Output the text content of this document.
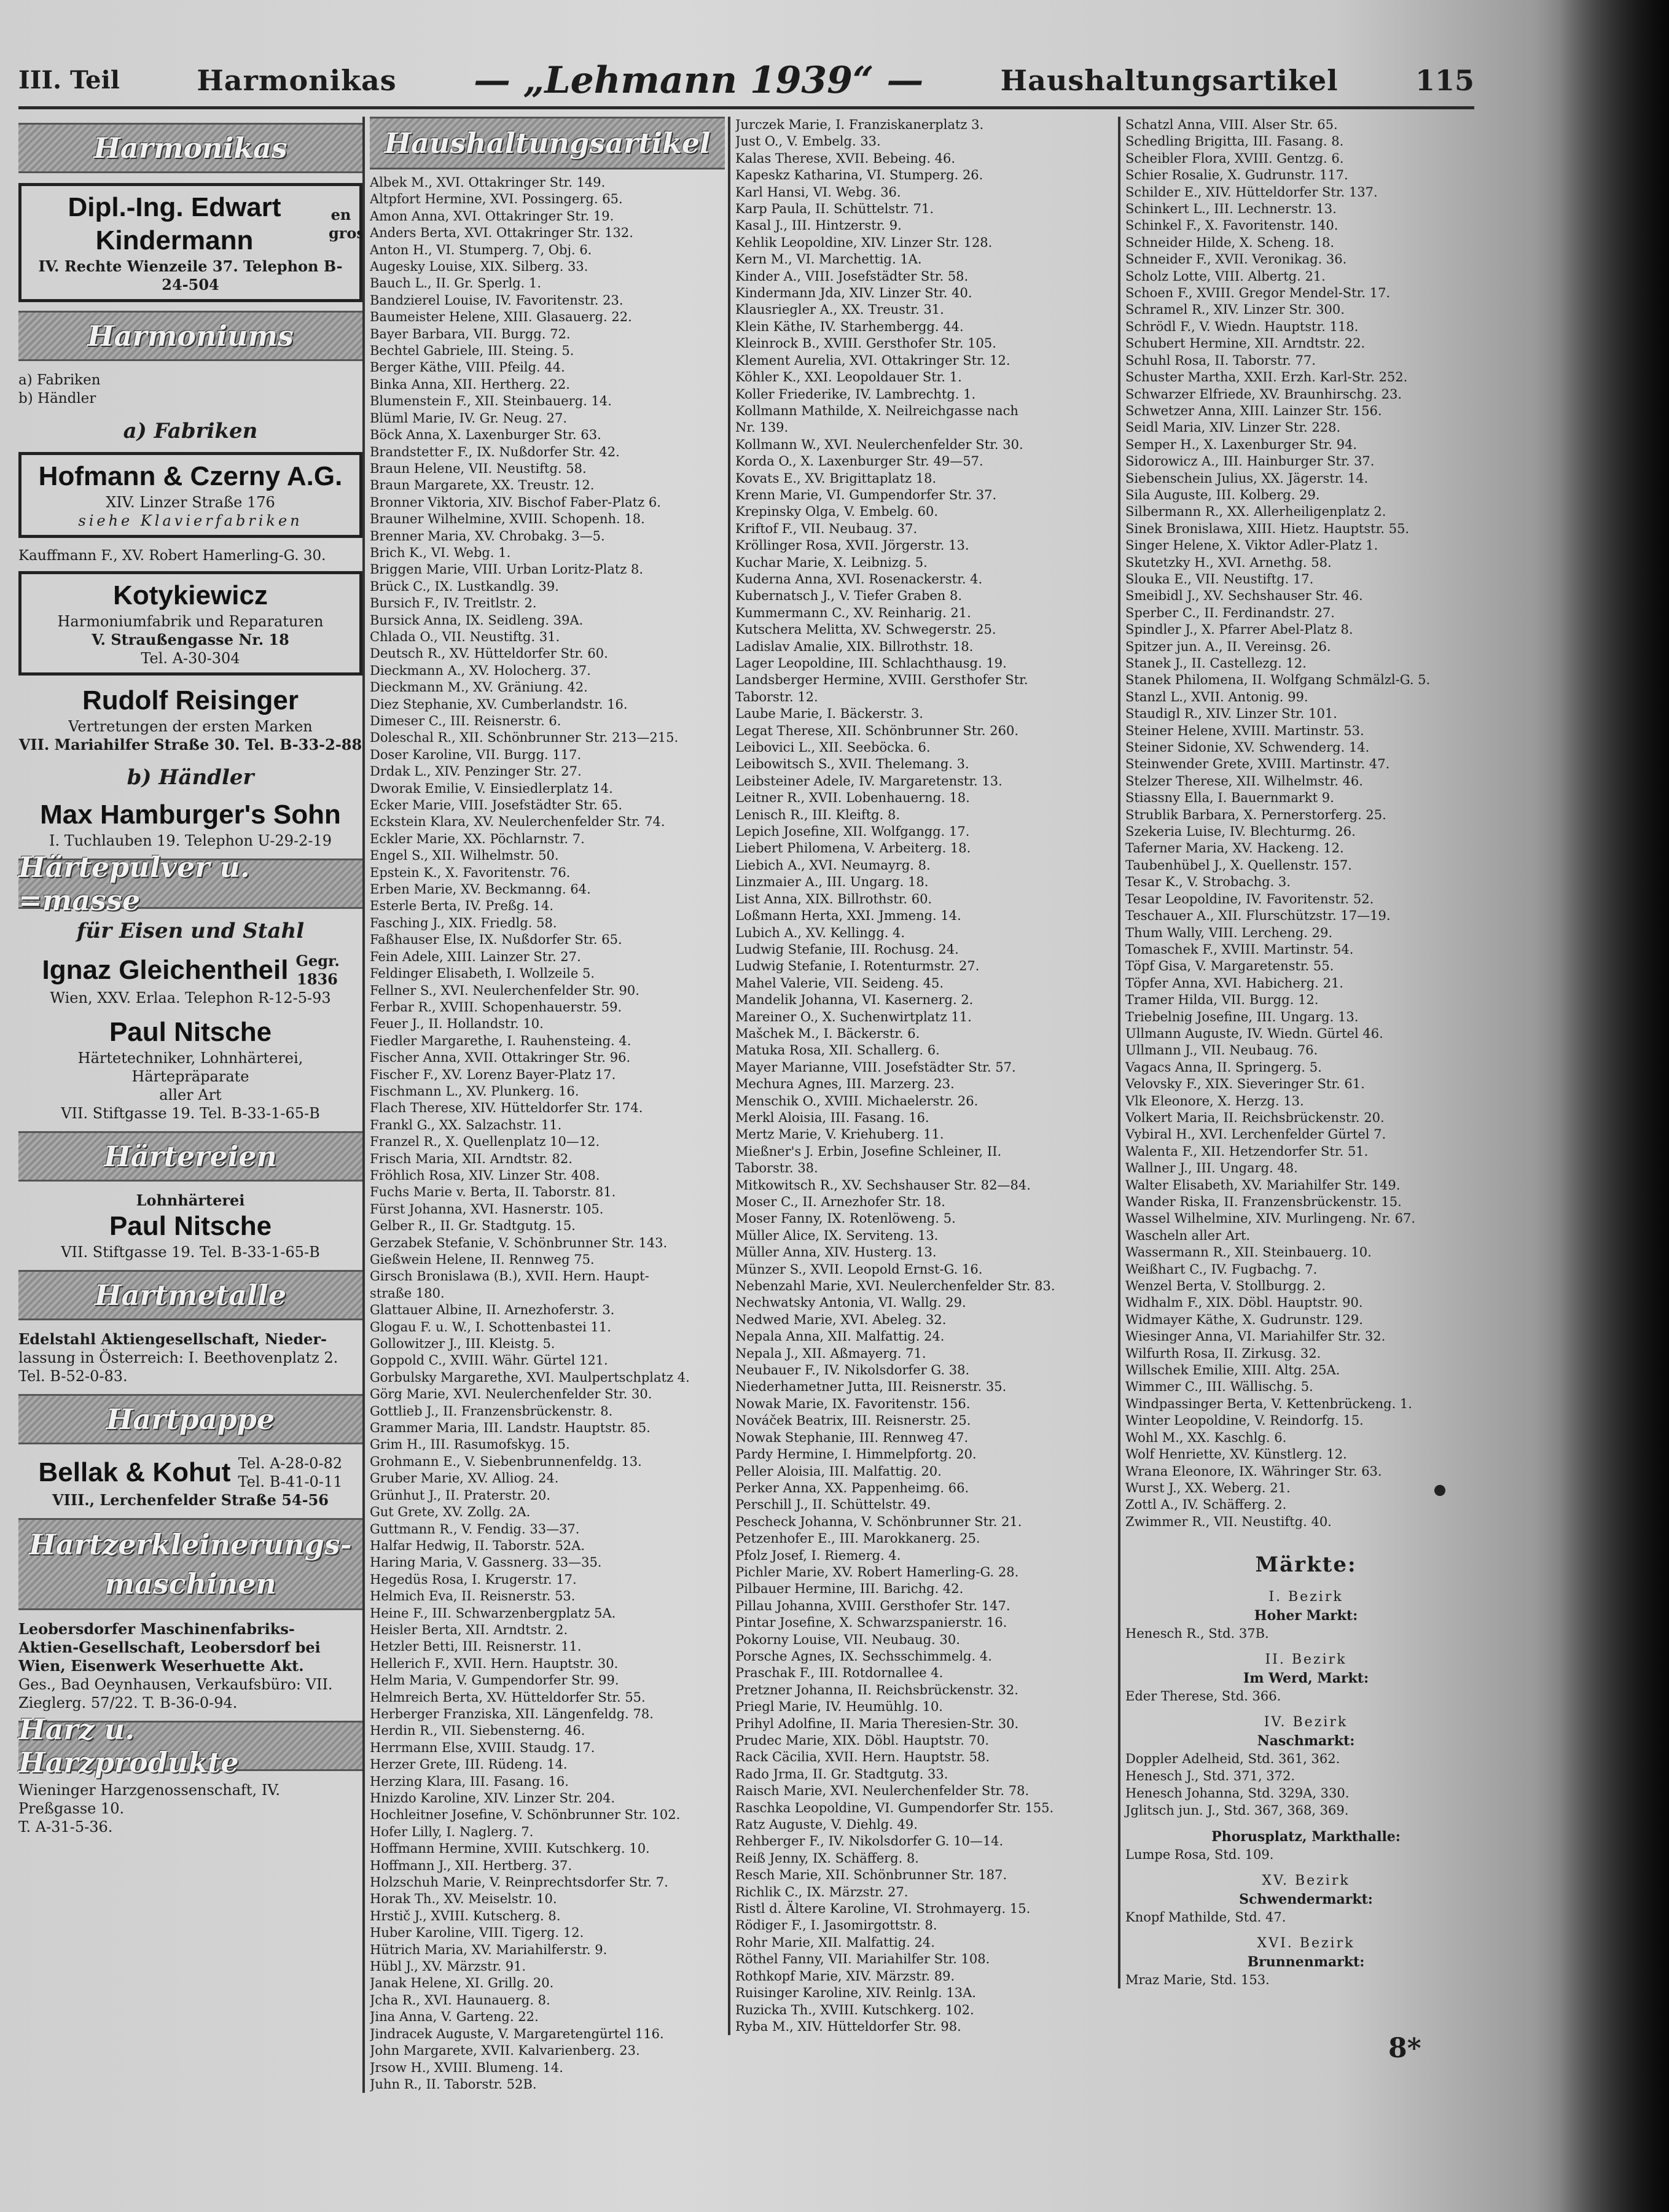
III. Teil	Harmonikas — „Lehmann 1939“ —	Haushaltungsartikel	115
Harmonikas
Dipl.-Ing. Edwart Kindermann
en gros
IV. Rechte Wienzeile 37. Telephon B-24-504
Harmoniums
a) Fabriken
b) Händler
a) Fabriken
Hofmann & Czerny A.G.
XIV. Linzer Straße 176
siehe Klavierfabriken
Kauffmann F., XV. Robert Hamerling-G. 30.
Kotykiewicz
Harmoniumfabrik und Reparaturen
V. Straußengasse Nr. 18
Tel. A-30-304
Rudolf Reisinger
Vertretungen der ersten Marken
VII. Mariahilfer Straße 30. Tel. B-33-2-88
b) Händler
Max Hamburger's Sohn
I. Tuchlauben 19. Telephon U-29-2-19
Härtepulver u. =masse
für Eisen und Stahl
Ignaz Gleichentheil Gegr. 1836
Wien, XXV. Erlaa. Telephon R-12-5-93
Paul Nitsche
Härtetechniker, Lohnhärterei, Härtepräparate
aller Art
VII. Stiftgasse 19. Tel. B-33-1-65-B
Härtereien
Lohnhärterei
Paul Nitsche
VII. Stiftgasse 19. Tel. B-33-1-65-B
Hartmetalle
Edelstahl Aktiengesellschaft, Nieder-
lassung in Österreich: I. Beethovenplatz 2.
Tel. B-52-0-83.
Hartpappe
Bellak & Kohut Tel. A-28-0-82
Tel. B-41-0-11
VIII., Lerchenfelder Straße 54-56
Hartzerkleinerungs-maschinen
Leobersdorfer Maschinenfabriks-
Aktien-Gesellschaft, Leobersdorf bei
Wien, Eisenwerk Weserhuette Akt.
Ges., Bad Oeynhausen, Verkaufsbüro: VII.
Zieglerg. 57/22. T. B-36-0-94.
Harz u. Harzprodukte
Wieninger Harzgenossenschaft, IV. Preßgasse 10.
T. A-31-5-36.
Haushaltungsartikel
Albek M., XVI. Ottakringer Str. 149.
Altpfort Hermine, XVI. Possingerg. 65.
Amon Anna, XVI. Ottakringer Str. 19.
Anders Berta, XVI. Ottakringer Str. 132.
Anton H., VI. Stumperg. 7, Obj. 6.
Augesky Louise, XIX. Silberg. 33.
Bauch L., II. Gr. Sperlg. 1.
Bandzierel Louise, IV. Favoritenstr. 23.
Baumeister Helene, XIII. Glasauerg. 22.
Bayer Barbara, VII. Burgg. 72.
Bechtel Gabriele, III. Steing. 5.
Berger Käthe, VIII. Pfeilg. 44.
Binka Anna, XII. Hertherg. 22.
Blumenstein F., XII. Steinbauerg. 14.
Blüml Marie, IV. Gr. Neug. 27.
Böck Anna, X. Laxenburger Str. 63.
Brandstetter F., IX. Nußdorfer Str. 42.
Braun Helene, VII. Neustiftg. 58.
Braun Margarete, XX. Treustr. 12.
Bronner Viktoria, XIV. Bischof Faber-Platz 6.
Brauner Wilhelmine, XVIII. Schopenh. 18.
Brenner Maria, XV. Chrobakg. 3—5.
Brich K., VI. Webg. 1.
Briggen Marie, VIII. Urban Loritz-Platz 8.
Brück C., IX. Lustkandlg. 39.
Bursich F., IV. Treitlstr. 2.
Bursick Anna, IX. Seidleng. 39A.
Chlada O., VII. Neustiftg. 31.
Deutsch R., XV. Hütteldorfer Str. 60.
Dieckmann A., XV. Holocherg. 37.
Dieckmann M., XV. Gräniung. 42.
Diez Stephanie, XV. Cumberlandstr. 16.
Dimeser C., III. Reisnerstr. 6.
Doleschal R., XII. Schönbrunner Str. 213—215.
Doser Karoline, VII. Burgg. 117.
Drdak L., XIV. Penzinger Str. 27.
Dworak Emilie, V. Einsiedlerplatz 14.
Ecker Marie, VIII. Josefstädter Str. 65.
Eckstein Klara, XV. Neulerchenfelder Str. 74.
Eckler Marie, XX. Pöchlarnstr. 7.
Engel S., XII. Wilhelmstr. 50.
Epstein K., X. Favoritenstr. 76.
Erben Marie, XV. Beckmanng. 64.
Esterle Berta, IV. Preßg. 14.
Fasching J., XIX. Friedlg. 58.
Faßhauser Else, IX. Nußdorfer Str. 65.
Fein Adele, XIII. Lainzer Str. 27.
Feldinger Elisabeth, I. Wollzeile 5.
Fellner S., XVI. Neulerchenfelder Str. 90.
Ferbar R., XVIII. Schopenhauerstr. 59.
Feuer J., II. Hollandstr. 10.
Fiedler Margarethe, I. Rauhensteing. 4.
Fischer Anna, XVII. Ottakringer Str. 96.
Fischer F., XV. Lorenz Bayer-Platz 17.
Fischmann L., XV. Plunkerg. 16.
Flach Therese, XIV. Hütteldorfer Str. 174.
Frankl G., XX. Salzachstr. 11.
Franzel R., X. Quellenplatz 10—12.
Frisch Maria, XII. Arndtstr. 82.
Fröhlich Rosa, XIV. Linzer Str. 408.
Fuchs Marie v. Berta, II. Taborstr. 81.
Fürst Johanna, XVI. Hasnerstr. 105.
Gelber R., II. Gr. Stadtgutg. 15.
Gerzabek Stefanie, V. Schönbrunner Str. 143.
Gießwein Helene, II. Rennweg 75.
Girsch Bronislawa (B.), XVII. Hern. Haupt-
straße 180.
Glattauer Albine, II. Arnezhoferstr. 3.
Glogau F. u. W., I. Schottenbastei 11.
Gollowitzer J., III. Kleistg. 5.
Goppold C., XVIII. Währ. Gürtel 121.
Gorbulsky Margarethe, XVI. Maulpertschplatz 4.
Görg Marie, XVI. Neulerchenfelder Str. 30.
Gottlieb J., II. Franzensbrückenstr. 8.
Grammer Maria, III. Landstr. Hauptstr. 85.
Grim H., III. Rasumofskyg. 15.
Grohmann E., V. Siebenbrunnenfeldg. 13.
Gruber Marie, XV. Alliog. 24.
Grünhut J., II. Praterstr. 20.
Gut Grete, XV. Zollg. 2A.
Guttmann R., V. Fendig. 33—37.
Halfar Hedwig, II. Taborstr. 52A.
Haring Maria, V. Gassnerg. 33—35.
Hegedüs Rosa, I. Krugerstr. 17.
Helmich Eva, II. Reisnerstr. 53.
Heine F., III. Schwarzenbergplatz 5A.
Heisler Berta, XII. Arndtstr. 2.
Hetzler Betti, III. Reisnerstr. 11.
Hellerich F., XVII. Hern. Hauptstr. 30.
Helm Maria, V. Gumpendorfer Str. 99.
Helmreich Berta, XV. Hütteldorfer Str. 55.
Herberger Franziska, XII. Längenfeldg. 78.
Herdin R., VII. Siebensterng. 46.
Herrmann Else, XVIII. Staudg. 17.
Herzer Grete, III. Rüdeng. 14.
Herzing Klara, III. Fasang. 16.
Hnizdo Karoline, XIV. Linzer Str. 204.
Hochleitner Josefine, V. Schönbrunner Str. 102.
Hofer Lilly, I. Naglerg. 7.
Hoffmann Hermine, XVIII. Kutschkerg. 10.
Hoffmann J., XII. Hertberg. 37.
Holzschuh Marie, V. Reinprechtsdorfer Str. 7.
Horak Th., XV. Meiselstr. 10.
Hrstič J., XVIII. Kutscherg. 8.
Huber Karoline, VIII. Tigerg. 12.
Hütrich Maria, XV. Mariahilferstr. 9.
Hübl J., XV. Märzstr. 91.
Janak Helene, XI. Grillg. 20.
Jcha R., XVI. Haunauerg. 8.
Jina Anna, V. Garteng. 22.
Jindracek Auguste, V. Margaretengürtel 116.
John Margarete, XVII. Kalvarienberg. 23.
Jrsow H., XVIII. Blumeng. 14.
Juhn R., II. Taborstr. 52B.
Jurczek Marie, I. Franziskanerplatz 3.
Just O., V. Embelg. 33.
Kalas Therese, XVII. Bebeing. 46.
Kapeskz Katharina, VI. Stumperg. 26.
Karl Hansi, VI. Webg. 36.
Karp Paula, II. Schüttelstr. 71.
Kasal J., III. Hintzerstr. 9.
Kehlik Leopoldine, XIV. Linzer Str. 128.
Kern M., VI. Marchettig. 1A.
Kinder A., VIII. Josefstädter Str. 58.
Kindermann Jda, XIV. Linzer Str. 40.
Klausriegler A., XX. Treustr. 31.
Klein Käthe, IV. Starhembergg. 44.
Kleinrock B., XVIII. Gersthofer Str. 105.
Klement Aurelia, XVI. Ottakringer Str. 12.
Köhler K., XXI. Leopoldauer Str. 1.
Koller Friederike, IV. Lambrechtg. 1.
Kollmann Mathilde, X. Neilreichgasse nach
Nr. 139.
Kollmann W., XVI. Neulerchenfelder Str. 30.
Korda O., X. Laxenburger Str. 49—57.
Kovats E., XV. Brigittaplatz 18.
Krenn Marie, VI. Gumpendorfer Str. 37.
Krepinsky Olga, V. Embelg. 60.
Kriftof F., VII. Neubaug. 37.
Kröllinger Rosa, XVII. Jörgerstr. 13.
Kuchar Marie, X. Leibnizg. 5.
Kuderna Anna, XVI. Rosenackerstr. 4.
Kubernatsch J., V. Tiefer Graben 8.
Kummermann C., XV. Reinharig. 21.
Kutschera Melitta, XV. Schwegerstr. 25.
Ladislav Amalie, XIX. Billrothstr. 18.
Lager Leopoldine, III. Schlachthausg. 19.
Landsberger Hermine, XVIII. Gersthofer Str.
Taborstr. 12.
Laube Marie, I. Bäckerstr. 3.
Legat Therese, XII. Schönbrunner Str. 260.
Leibovici L., XII. Seeböcka. 6.
Leibowitsch S., XVII. Thelemang. 3.
Leibsteiner Adele, IV. Margaretenstr. 13.
Leitner R., XVII. Lobenhauerng. 18.
Lenisch R., III. Kleiftg. 8.
Lepich Josefine, XII. Wolfgangg. 17.
Liebert Philomena, V. Arbeiterg. 18.
Liebich A., XVI. Neumayrg. 8.
Linzmaier A., III. Ungarg. 18.
List Anna, XIX. Billrothstr. 60.
Loßmann Herta, XXI. Jmmeng. 14.
Lubich A., XV. Kellingg. 4.
Ludwig Stefanie, III. Rochusg. 24.
Ludwig Stefanie, I. Rotenturmstr. 27.
Mahel Valerie, VII. Seideng. 45.
Mandelik Johanna, VI. Kasernerg. 2.
Mareiner O., X. Suchenwirtplatz 11.
Mašchek M., I. Bäckerstr. 6.
Matuka Rosa, XII. Schallerg. 6.
Mayer Marianne, VIII. Josefstädter Str. 57.
Mechura Agnes, III. Marzerg. 23.
Menschik O., XVIII. Michaelerstr. 26.
Merkl Aloisia, III. Fasang. 16.
Mertz Marie, V. Kriehuberg. 11.
Mießner's J. Erbin, Josefine Schleiner, II.
Taborstr. 38.
Mitkowitsch R., XV. Sechshauser Str. 82—84.
Moser C., II. Arnezhofer Str. 18.
Moser Fanny, IX. Rotenlöweng. 5.
Müller Alice, IX. Serviteng. 13.
Müller Anna, XIV. Husterg. 13.
Münzer S., XVII. Leopold Ernst-G. 16.
Nebenzahl Marie, XVI. Neulerchenfelder Str. 83.
Nechwatsky Antonia, VI. Wallg. 29.
Nedwed Marie, XVI. Abeleg. 32.
Nepala Anna, XII. Malfattig. 24.
Nepala J., XII. Aßmayerg. 71.
Neubauer F., IV. Nikolsdorfer G. 38.
Niederhametner Jutta, III. Reisnerstr. 35.
Nowak Marie, IX. Favoritenstr. 156.
Nováček Beatrix, III. Reisnerstr. 25.
Nowak Stephanie, III. Rennweg 47.
Pardy Hermine, I. Himmelpfortg. 20.
Peller Aloisia, III. Malfattig. 20.
Perker Anna, XX. Pappenheimg. 66.
Perschill J., II. Schüttelstr. 49.
Pescheck Johanna, V. Schönbrunner Str. 21.
Petzenhofer E., III. Marokkanerg. 25.
Pfolz Josef, I. Riemerg. 4.
Pichler Marie, XV. Robert Hamerling-G. 28.
Pilbauer Hermine, III. Barichg. 42.
Pillau Johanna, XVIII. Gersthofer Str. 147.
Pintar Josefine, X. Schwarzspanierstr. 16.
Pokorny Louise, VII. Neubaug. 30.
Porsche Agnes, IX. Sechsschimmelg. 4.
Praschak F., III. Rotdornallee 4.
Pretzner Johanna, II. Reichsbrückenstr. 32.
Priegl Marie, IV. Heumühlg. 10.
Prihyl Adolfine, II. Maria Theresien-Str. 30.
Prudec Marie, XIX. Döbl. Hauptstr. 70.
Rack Cäcilia, XVII. Hern. Hauptstr. 58.
Rado Jrma, II. Gr. Stadtgutg. 33.
Raisch Marie, XVI. Neulerchenfelder Str. 78.
Raschka Leopoldine, VI. Gumpendorfer Str. 155.
Ratz Auguste, V. Diehlg. 49.
Rehberger F., IV. Nikolsdorfer G. 10—14.
Reiß Jenny, IX. Schäfferg. 8.
Resch Marie, XII. Schönbrunner Str. 187.
Richlik C., IX. Märzstr. 27.
Ristl d. Ältere Karoline, VI. Strohmayerg. 15.
Rödiger F., I. Jasomirgottstr. 8.
Rohr Marie, XII. Malfattig. 24.
Röthel Fanny, VII. Mariahilfer Str. 108.
Rothkopf Marie, XIV. Märzstr. 89.
Ruisinger Karoline, XIV. Reinlg. 13A.
Ruzicka Th., XVIII. Kutschkerg. 102.
Ryba M., XIV. Hütteldorfer Str. 98.
Schatzl Anna, VIII. Alser Str. 65.
Schedling Brigitta, III. Fasang. 8.
Scheibler Flora, XVIII. Gentzg. 6.
Schier Rosalie, X. Gudrunstr. 117.
Schilder E., XIV. Hütteldorfer Str. 137.
Schinkert L., III. Lechnerstr. 13.
Schinkel F., X. Favoritenstr. 140.
Schneider Hilde, X. Scheng. 18.
Schneider F., XVII. Veronikag. 36.
Scholz Lotte, VIII. Albertg. 21.
Schoen F., XVIII. Gregor Mendel-Str. 17.
Schramel R., XIV. Linzer Str. 300.
Schrödl F., V. Wiedn. Hauptstr. 118.
Schubert Hermine, XII. Arndtstr. 22.
Schuhl Rosa, II. Taborstr. 77.
Schuster Martha, XXII. Erzh. Karl-Str. 252.
Schwarzer Elfriede, XV. Braunhirschg. 23.
Schwetzer Anna, XIII. Lainzer Str. 156.
Seidl Maria, XIV. Linzer Str. 228.
Semper H., X. Laxenburger Str. 94.
Sidorowicz A., III. Hainburger Str. 37.
Siebenschein Julius, XX. Jägerstr. 14.
Sila Auguste, III. Kolberg. 29.
Silbermann R., XX. Allerheiligenplatz 2.
Sinek Bronislawa, XIII. Hietz. Hauptstr. 55.
Singer Helene, X. Viktor Adler-Platz 1.
Skutetzky H., XVI. Arnethg. 58.
Slouka E., VII. Neustiftg. 17.
Smeibidl J., XV. Sechshauser Str. 46.
Sperber C., II. Ferdinandstr. 27.
Spindler J., X. Pfarrer Abel-Platz 8.
Spitzer jun. A., II. Vereinsg. 26.
Stanek J., II. Castellezg. 12.
Stanek Philomena, II. Wolfgang Schmälzl-G. 5.
Stanzl L., XVII. Antonig. 99.
Staudigl R., XIV. Linzer Str. 101.
Steiner Helene, XVIII. Martinstr. 53.
Steiner Sidonie, XV. Schwenderg. 14.
Steinwender Grete, XVIII. Martinstr. 47.
Stelzer Therese, XII. Wilhelmstr. 46.
Stiassny Ella, I. Bauernmarkt 9.
Strublik Barbara, X. Pernerstorferg. 25.
Szekeria Luise, IV. Blechturmg. 26.
Taferner Maria, XV. Hackeng. 12.
Taubenhübel J., X. Quellenstr. 157.
Tesar K., V. Strobachg. 3.
Tesar Leopoldine, IV. Favoritenstr. 52.
Teschauer A., XII. Flurschützstr. 17—19.
Thum Wally, VIII. Lercheng. 29.
Tomaschek F., XVIII. Martinstr. 54.
Töpf Gisa, V. Margaretenstr. 55.
Töpfer Anna, XVI. Habicherg. 21.
Tramer Hilda, VII. Burgg. 12.
Triebelnig Josefine, III. Ungarg. 13.
Ullmann Auguste, IV. Wiedn. Gürtel 46.
Ullmann J., VII. Neubaug. 76.
Vagacs Anna, II. Springerg. 5.
Velovsky F., XIX. Sieveringer Str. 61.
Vlk Eleonore, X. Herzg. 13.
Volkert Maria, II. Reichsbrückenstr. 20.
Vybiral H., XVI. Lerchenfelder Gürtel 7.
Walenta F., XII. Hetzendorfer Str. 51.
Wallner J., III. Ungarg. 48.
Walter Elisabeth, XV. Mariahilfer Str. 149.
Wander Riska, II. Franzensbrückenstr. 15.
Wassel Wilhelmine, XIV. Murlingeng. Nr. 67.
Wascheln aller Art.
Wassermann R., XII. Steinbauerg. 10.
Weißhart C., IV. Fugbachg. 7.
Wenzel Berta, V. Stollburgg. 2.
Widhalm F., XIX. Döbl. Hauptstr. 90.
Widmayer Käthe, X. Gudrunstr. 129.
Wiesinger Anna, VI. Mariahilfer Str. 32.
Wilfurth Rosa, II. Zirkusg. 32.
Willschek Emilie, XIII. Altg. 25A.
Wimmer C., III. Wällischg. 5.
Windpassinger Berta, V. Kettenbrückeng. 1.
Winter Leopoldine, V. Reindorfg. 15.
Wohl M., XX. Kaschlg. 6.
Wolf Henriette, XV. Künstlerg. 12.
Wrana Eleonore, IX. Währinger Str. 63.
Wurst J., XX. Weberg. 21.
Zottl A., IV. Schäfferg. 2.
Zwimmer R., VII. Neustiftg. 40.
Märkte:
I. Bezirk
Hoher Markt:
Henesch R., Std. 37B.
II. Bezirk
Im Werd, Markt:
Eder Therese, Std. 366.
IV. Bezirk
Naschmarkt:
Doppler Adelheid, Std. 361, 362.
Henesch J., Std. 371, 372.
Henesch Johanna, Std. 329A, 330.
Jglitsch jun. J., Std. 367, 368, 369.
Phorusplatz, Markthalle:
Lumpe Rosa, Std. 109.
XV. Bezirk
Schwendermarkt:
Knopf Mathilde, Std. 47.
XVI. Bezirk
Brunnenmarkt:
Mraz Marie, Std. 153.
8*
